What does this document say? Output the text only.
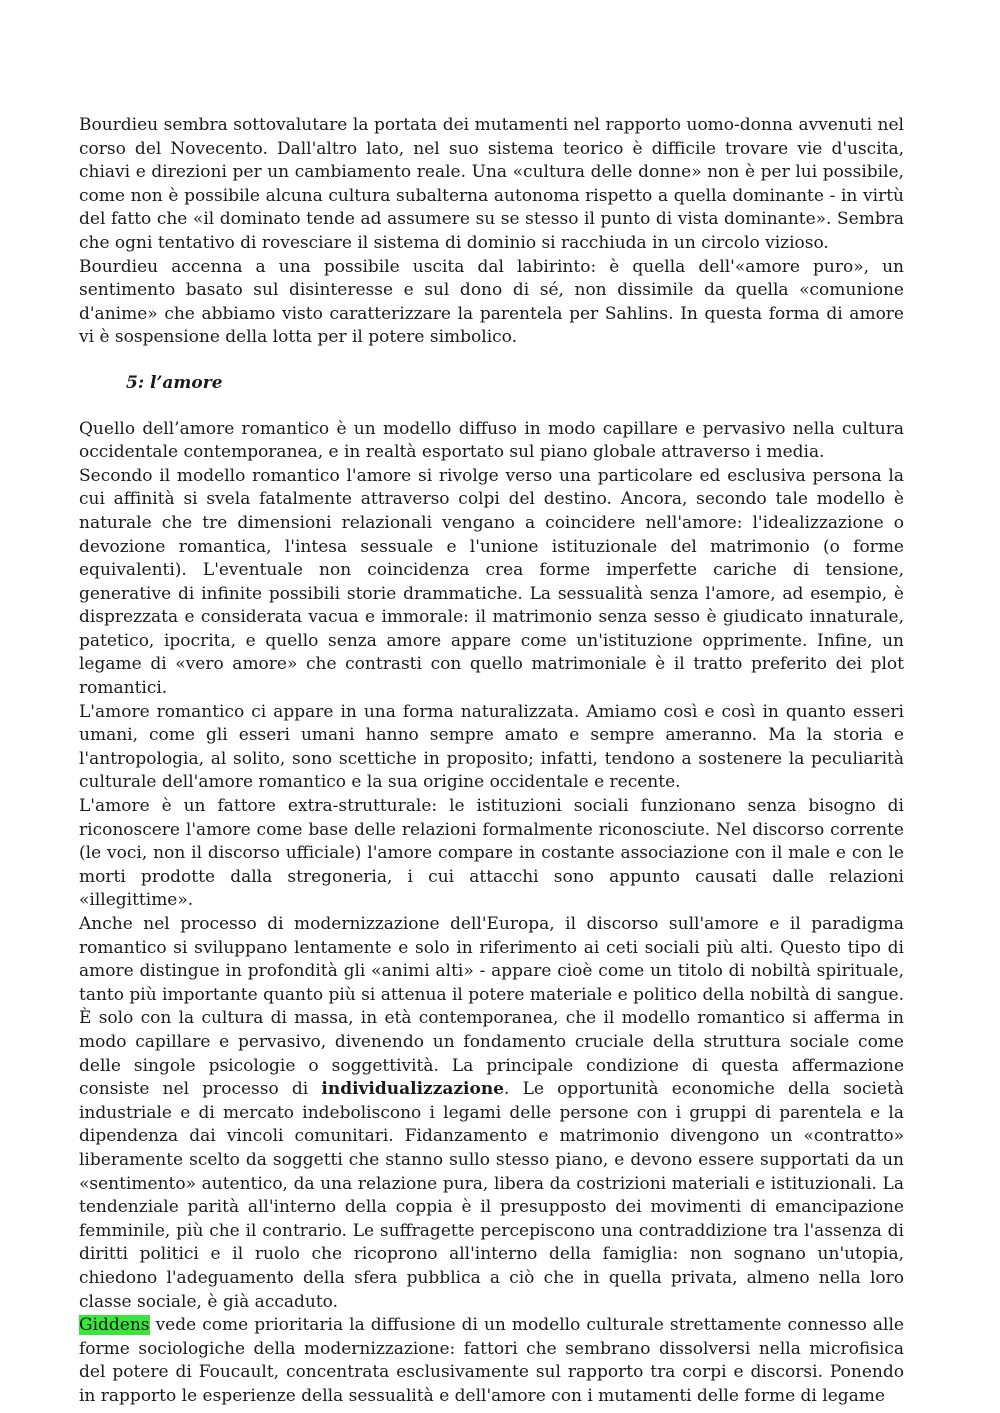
Bourdieu sembra sottovalutare la portata dei mutamenti nel rapporto uomo-donna avvenuti nel corso del Novecento. Dall'altro lato, nel suo sistema teorico è difficile trovare vie d'uscita, chiavi e direzioni per un cambiamento reale. Una «cultura delle donne» non è per lui possibile, come non è possibile alcuna cultura subalterna autonoma rispetto a quella dominante - in virtù del fatto che «il dominato tende ad assumere su se stesso il punto di vista dominante». Sembra che ogni tentativo di rovesciare il sistema di dominio si racchiuda in un circolo vizioso.

Bourdieu accenna a una possibile uscita dal labirinto: è quella dell'«amore puro», un sentimento basato sul disinteresse e sul dono di sé, non dissimile da quella «comunione d'anime» che abbiamo visto caratterizzare la parentela per Sahlins. In questa forma di amore vi è sospensione della lotta per il potere simbolico.

5: l’amore

Quello dell’amore romantico è un modello diffuso in modo capillare e pervasivo nella cultura occidentale contemporanea, e in realtà esportato sul piano globale attraverso i media.

Secondo il modello romantico l'amore si rivolge verso una particolare ed esclusiva persona la cui affinità si svela fatalmente attraverso colpi del destino. Ancora, secondo tale modello è naturale che tre dimensioni relazionali vengano a coincidere nell'amore: l'idealizzazione o devozione romantica, l'intesa sessuale e l'unione istituzionale del matrimonio (o forme equivalenti). L'eventuale non coincidenza crea forme imperfette cariche di tensione, generative di infinite possibili storie drammatiche. La sessualità senza l'amore, ad esempio, è disprezzata e considerata vacua e immorale: il matrimonio senza sesso è giudicato innaturale, patetico, ipocrita, e quello senza amore appare come un'istituzione opprimente. Infine, un legame di «vero amore» che contrasti con quello matrimoniale è il tratto preferito dei plot romantici.

L'amore romantico ci appare in una forma naturalizzata. Amiamo così e così in quanto esseri umani, come gli esseri umani hanno sempre amato e sempre ameranno. Ma la storia e l'antropologia, al solito, sono scettiche in proposito; infatti, tendono a sostenere la peculiarità culturale dell'amore romantico e la sua origine occidentale e recente.

L'amore è un fattore extra-strutturale: le istituzioni sociali funzionano senza bisogno di riconoscere l'amore come base delle relazioni formalmente riconosciute. Nel discorso corrente (le voci, non il discorso ufficiale) l'amore compare in costante associazione con il male e con le morti prodotte dalla stregoneria, i cui attacchi sono appunto causati dalle relazioni «illegittime».

Anche nel processo di modernizzazione dell'Europa, il discorso sull'amore e il paradigma romantico si sviluppano lentamente e solo in riferimento ai ceti sociali più alti. Questo tipo di amore distingue in profondità gli «animi alti» - appare cioè come un titolo di nobiltà spirituale, tanto più importante quanto più si attenua il potere materiale e politico della nobiltà di sangue.

È solo con la cultura di massa, in età contemporanea, che il modello romantico si afferma in modo capillare e pervasivo, divenendo un fondamento cruciale della struttura sociale come delle singole psicologie o soggettività. La principale condizione di questa affermazione consiste nel processo di individualizzazione. Le opportunità economiche della società industriale e di mercato indeboliscono i legami delle persone con i gruppi di parentela e la dipendenza dai vincoli comunitari. Fidanzamento e matrimonio divengono un «contratto» liberamente scelto da soggetti che stanno sullo stesso piano, e devono essere supportati da un «sentimento» autentico, da una relazione pura, libera da costrizioni materiali e istituzionali. La tendenziale parità all'interno della coppia è il presupposto dei movimenti di emancipazione femminile, più che il contrario. Le suffragette percepiscono una contraddizione tra l'assenza di diritti politici e il ruolo che ricoprono all'interno della famiglia: non sognano un'utopia, chiedono l'adeguamento della sfera pubblica a ciò che in quella privata, almeno nella loro classe sociale, è già accaduto.

Giddens vede come prioritaria la diffusione di un modello culturale strettamente connesso alle forme sociologiche della modernizzazione: fattori che sembrano dissolversi nella microfisica del potere di Foucault, concentrata esclusivamente sul rapporto tra corpi e discorsi. Ponendo in rapporto le esperienze della sessualità e dell'amore con i mutamenti delle forme di legame
